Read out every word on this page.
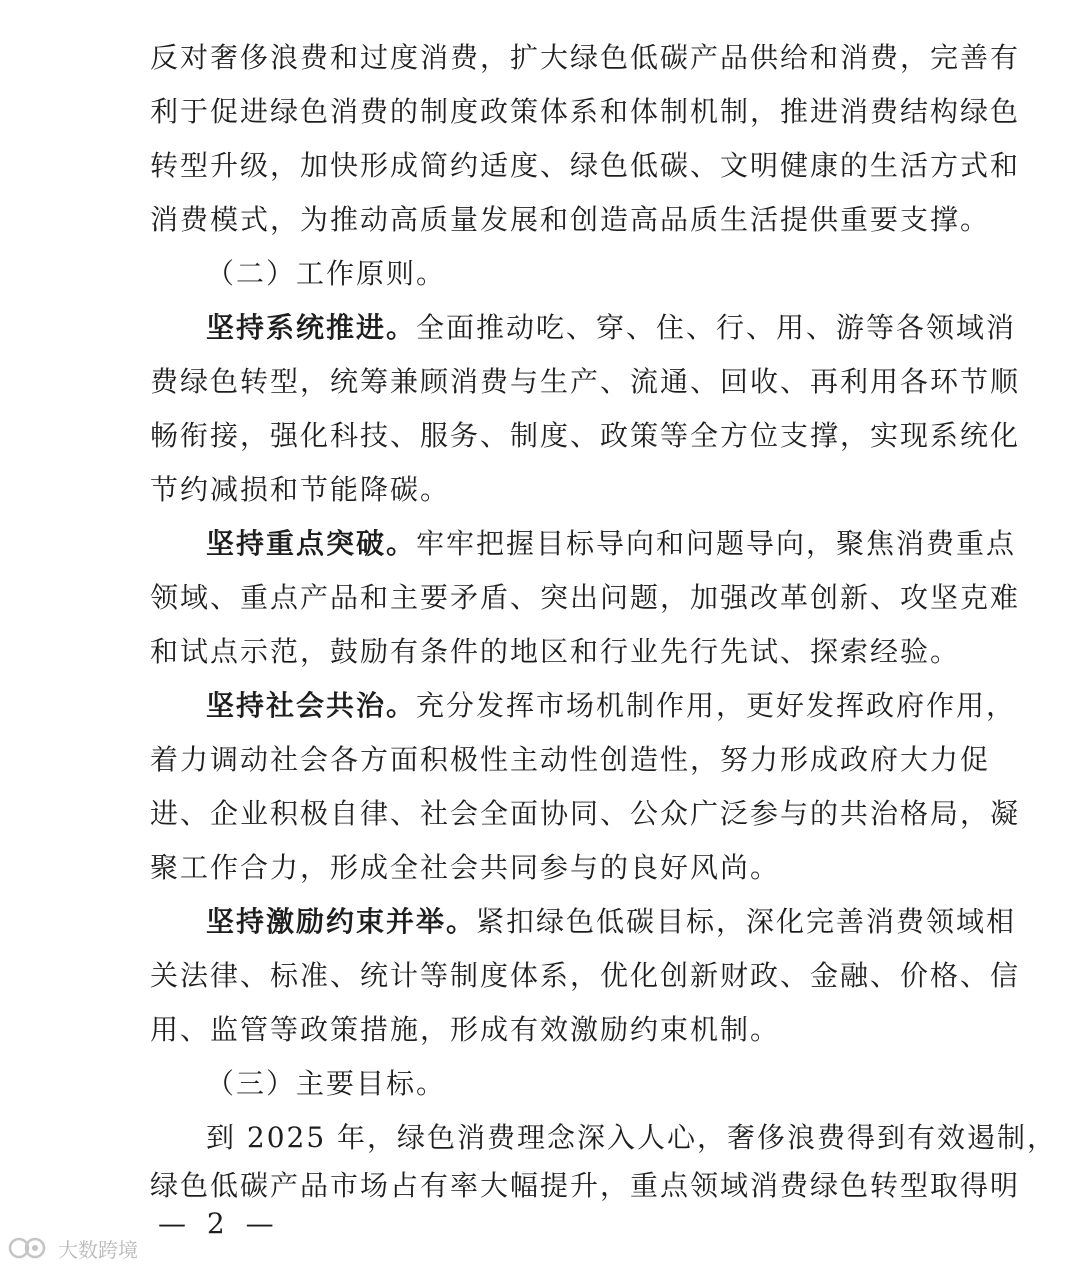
反对奢侈浪费和过度消费，扩大绿色低碳产品供给和消费，完善有
利于促进绿色消费的制度政策体系和体制机制，推进消费结构绿色
转型升级，加快形成简约适度、绿色低碳、文明健康的生活方式和
消费模式，为推动高质量发展和创造高品质生活提供重要支撑。
（二）工作原则。
坚持系统推进。全面推动吃、穿、住、行、用、游等各领域消
费绿色转型，统筹兼顾消费与生产、流通、回收、再利用各环节顺
畅衔接，强化科技、服务、制度、政策等全方位支撑，实现系统化
节约减损和节能降碳。
坚持重点突破。牢牢把握目标导向和问题导向，聚焦消费重点
领域、重点产品和主要矛盾、突出问题，加强改革创新、攻坚克难
和试点示范，鼓励有条件的地区和行业先行先试、探索经验。
坚持社会共治。充分发挥市场机制作用，更好发挥政府作用，
着力调动社会各方面积极性主动性创造性，努力形成政府大力促
进、企业积极自律、社会全面协同、公众广泛参与的共治格局，凝
聚工作合力，形成全社会共同参与的良好风尚。
坚持激励约束并举。紧扣绿色低碳目标，深化完善消费领域相
关法律、标准、统计等制度体系，优化创新财政、金融、价格、信
用、监管等政策措施，形成有效激励约束机制。
（三）主要目标。
到 2025 年，绿色消费理念深入人心，奢侈浪费得到有效遏制，
绿色低碳产品市场占有率大幅提升，重点领域消费绿色转型取得明
— 2 —
大数跨境
